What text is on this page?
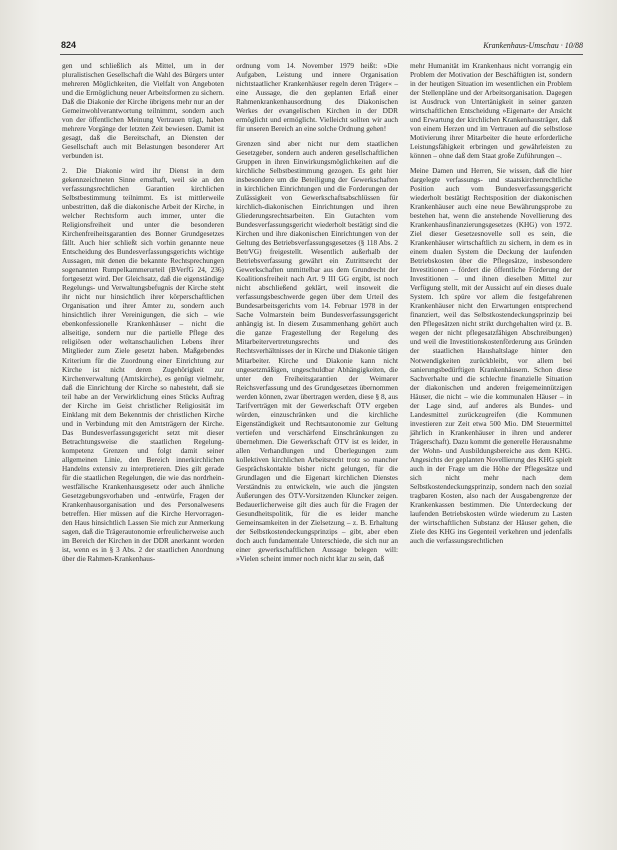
824	Krankenhaus-Umschau · 10/88

gen und schließlich als Mittel, um in der pluralistischen Gesellschaft die Wahl des Bürgers unter mehreren Möglichkeiten, die Vielfalt von Angeboten und die Ermöglichung neuer Arbeitsformen zu sichern. Daß die Diakonie der Kirche übrigens mehr nur an der Gemeinwohlverantwortung teilnimmt, sondern auch von der öffentlichen Meinung Vertrauen trägt, haben mehrere Vorgänge der letzten Zeit bewiesen. Damit ist gesagt, daß die Bereitschaft, an Diensten der Gesellschaft auch mit Belastungen besonderer Art verbunden ist.

2. Die Diakonie wird ihr Dienst in dem gekennzeichneten Sinne ernsthaft, weil sie an den verfassungsrechtlichen Garantien kirchlichen Selbstbestimmung teilnimmt. Es ist mittlerweile unbestritten, daß die diakonische Arbeit der Kirche, in welcher Rechtsform auch immer, unter die Religionsfreiheit und unter die besonderen Kirchenfreiheitsgarantien des Bonner Grundgesetzes fällt. Auch hier schließt sich vorhin genannte neue Entscheidung des Bundesverfassungsgerichts wichtige Aussagen, mit denen die bekannte Rechtsprechungen sogenannten Rumpelkammerurteil (BVerfG 24, 236) fortgesetzt wird. Der Gleichsatz, daß die eigenständige Regelungs- und Verwaltungsbefugnis der Kirche steht ihr nicht nur hinsichtlich ihrer körperschaftlichen Organisation und ihrer Ämter zu, sondern auch hinsichtlich ihrer Vereinigungen, die sich – wie ebenkonfessionelle Krankenhäuser – nicht die allseitige, sondern nur die partielle Pflege des religiösen oder weltanschaulichen Lebens ihrer Mitglieder zum Ziele gesetzt haben. Maßgebendes Kriterium für die Zuordnung einer Einrichtung zur Kirche ist nicht deren Zugehörigkeit zur Kirchenverwaltung (Amtskirche), es genügt vielmehr, daß die Einrichtung der Kirche so nahesteht, daß sie teil habe an der Verwirklichung eines Stücks Auftrag der Kirche im Geist christlicher Religiosität im Einklang mit dem Bekenntnis der christlichen Kirche und in Verbindung mit den Amtsträgern der Kirche. Das Bundesverfassungsgericht setzt mit dieser Betrachtungsweise die staatlichen Regelung-kompetenz Grenzen und folgt damit seiner allgemeinen Linie, den Bereich innerkirchlichen Handelns extensiv zu interpretieren. Dies gilt gerade für die staatlichen Regelungen, die wie das nordrhein-westfälische Krankenhausgesetz oder auch ähnliche Gesetzgebungsvorhaben und -entwürfe, Fragen der Krankenhausorganisation und des Personalwesens betreffen. Hier müssen auf die Kirche Hervorragen- den Haus hinsichtlich Lassen Sie mich zur Anmerkung sagen, daß die Trägerautonomie erfreulicherweise auch im Bereich der Kirchen in der DDR anerkannt worden ist, wenn es in § 3 Abs. 2 der staatlichen Anordnung über die Rahmen-Krankenhaus-

ordnung vom 14. November 1979 heißt: »Die Aufgaben, Leistung und innere Organisation nichtstaatlicher Krankenhäuser regeln deren Träger« – eine Aussage, die den geplanten Erlaß einer Rahmenkrankenhausordnung des Diakonischen Werkes der evangelischen Kirchen in der DDR ermöglicht und ermöglicht. Vielleicht sollten wir auch für unseren Bereich an eine solche Ordnung gehen!

Grenzen sind aber nicht nur dem staatlichen Gesetzgeber, sondern auch anderen gesellschaftlichen Gruppen in ihren Einwirkungsmöglichkeiten auf die kirchliche Selbstbestimmung gezogen. Es geht hier insbesondere um die Beteiligung der Gewerkschaften in kirchlichen Einrichtungen und die Forderungen der Zulässigkeit von Gewerkschaftsabschlüssen für kirchlich-diakonischen Einrichtungen und ihren Gliederungsrechtsarbeiten. Ein Gutachten vom Bundesverfassungsgericht wiederholt bestätigt sind die Kirchen und ihre diakonischen Einrichtungen von der Geltung des Betriebsverfassungsgesetzes (§ 118 Abs. 2 BetrVG) freigestellt. Wesentlich außerhalb der Betriebsverfassung gewährt ein Zutrittsrecht der Gewerkschaften unmittelbar aus dem Grundrecht der Koalitionsfreiheit nach Art. 9 III GG ergibt, ist noch nicht abschließend geklärt, weil insoweit die verfassungsbeschwerde gegen über dem Urteil des Bundesarbeitsgerichts vom 14. Februar 1978 in der Sache Volmarstein beim Bundesverfassungsgericht anhängig ist. In diesem Zusammenhang gehört auch die ganze Fragestellung der Regelung des Mitarbeitervertretungsrechts und des Rechtsverhältnisses der in Kirche und Diakonie tätigen Mitarbeiter. Kirche und Diakonie kann nicht ungesetzmäßigen, ungeschuldbar Abhängigkeiten, die unter den Freiheitsgarantien der Weimarer Reichsverfassung und des Grundgesetzes übernommen werden können, zwar übertragen werden, diese § 8, aus Tarifverträgen mit der Gewerkschaft ÖTV ergeben würden, einzuschränken und die kirchliche Eigenständigkeit und Rechtsautonomie zur Geltung vertiefen und verschärfend Einschränkungen zu übernehmen. Die Gewerkschaft ÖTV ist es leider, in allen Verhandlungen und Überlegungen zum kollektiven kirchlichen Arbeitsrecht trotz so mancher Gesprächskontakte bisher nicht gelungen, für die Grundlagen und die Eigenart kirchlichen Dienstes Verständnis zu entwickeln, wie auch die jüngsten Äußerungen des ÖTV-Vorsitzenden Kluncker zeigen. Bedauerlicherweise gilt dies auch für die Fragen der Gesundheitspolitik, für die es leider manche Gemeinsamkeiten in der Zielsetzung – z. B. Erhaltung der Selbstkostendeckungsprinzips – gibt, aber eben doch auch fundamentale Unterschiede, die sich nur an einer gewerkschaftlichen Aussage belegen will: »Vielen scheint immer noch nicht klar zu sein, daß

mehr Humanität im Krankenhaus nicht vorrangig ein Problem der Motivation der Beschäftigten ist, sondern in der heutigen Situation im wesentlichen ein Problem der Stellenpläne und der Arbeitsorganisation. Dagegen ist Ausdruck von Untertänigkeit in seiner ganzen wirtschaftlichen Entscheidung »Eigenart« der Ansicht und Erwartung der kirchlichen Krankenhausträger, daß von einem Herzen und im Vertrauen auf die selbstlose Motivierung ihrer Mitarbeiter die heute erforderliche Leistungsfähigkeit erbringen und gewährleisten zu können – ohne daß dem Staat große Zuführungen –.

Meine Damen und Herren, Sie wissen, daß die hier dargelegte verfassungs- und staatskirchenrechtliche Position auch vom Bundesverfassungsgericht wiederholt bestätigt Rechtsposition der diakonischen Krankenhäuser auch eine neue Bewährungsprobe zu bestehen hat, wenn die anstehende Novellierung des Krankenhausfinanzierungsgesetzes (KHG) von 1972. Ziel dieser Gesetzesnovelle soll es sein, die Krankenhäuser wirtschaftlich zu sichern, in dem es in einem dualen System die Deckung der laufenden Betriebskosten über die Pflegesätze, insbesondere Investitionen – fördert die öffentliche Förderung der Investitionen – und ihnen dieselben Mittel zur Verfügung stellt, mit der Aussicht auf ein dieses duale System. Ich spüre vor allem die festgefahrenen Krankenhäuser nicht den Erwartungen entsprechend finanziert, weil das Selbstkostendeckungsprinzip bei den Pflegesätzen nicht strikt durchgehalten wird (z. B. wegen der nicht pflegesatzfähigen Abschreibungen) und weil die Investitionskostenförderung aus Gründen der staatlichen Haushaltslage hinter den Notwendigkeiten zurückbleibt, vor allem bei sanierungsbedürftigen Krankenhäusern. Schon diese Sachverhalte und die schlechte finanzielle Situation der diakonischen und anderen freigemeinnützigen Häuser, die nicht – wie die kommunalen Häuser – in der Lage sind, auf anderes als Bundes- und Landesmittel zurückzugreifen (die Kommunen investieren zur Zeit etwa 500 Mio. DM Steuermittel jährlich in Krankenhäuser in ihren und anderer Trägerschaft). Dazu kommt die generelle Herausnahme der Wohn- und Ausbildungsbereiche aus dem KHG. Angesichts der geplanten Novellierung des KHG spielt auch in der Frage um die Höhe der Pflegesätze und sich nicht mehr nach dem Selbstkostendeckungsprinzip, sondern nach den sozial tragbaren Kosten, also nach der Ausgabengrenze der Krankenkassen bestimmen. Die Unterdeckung der laufenden Betriebskosten würde wiederum zu Lasten der wirtschaftlichen Substanz der Häuser gehen, die Ziele des KHG ins Gegenteil verkehren und jedenfalls auch die verfassungsrechtlichen
